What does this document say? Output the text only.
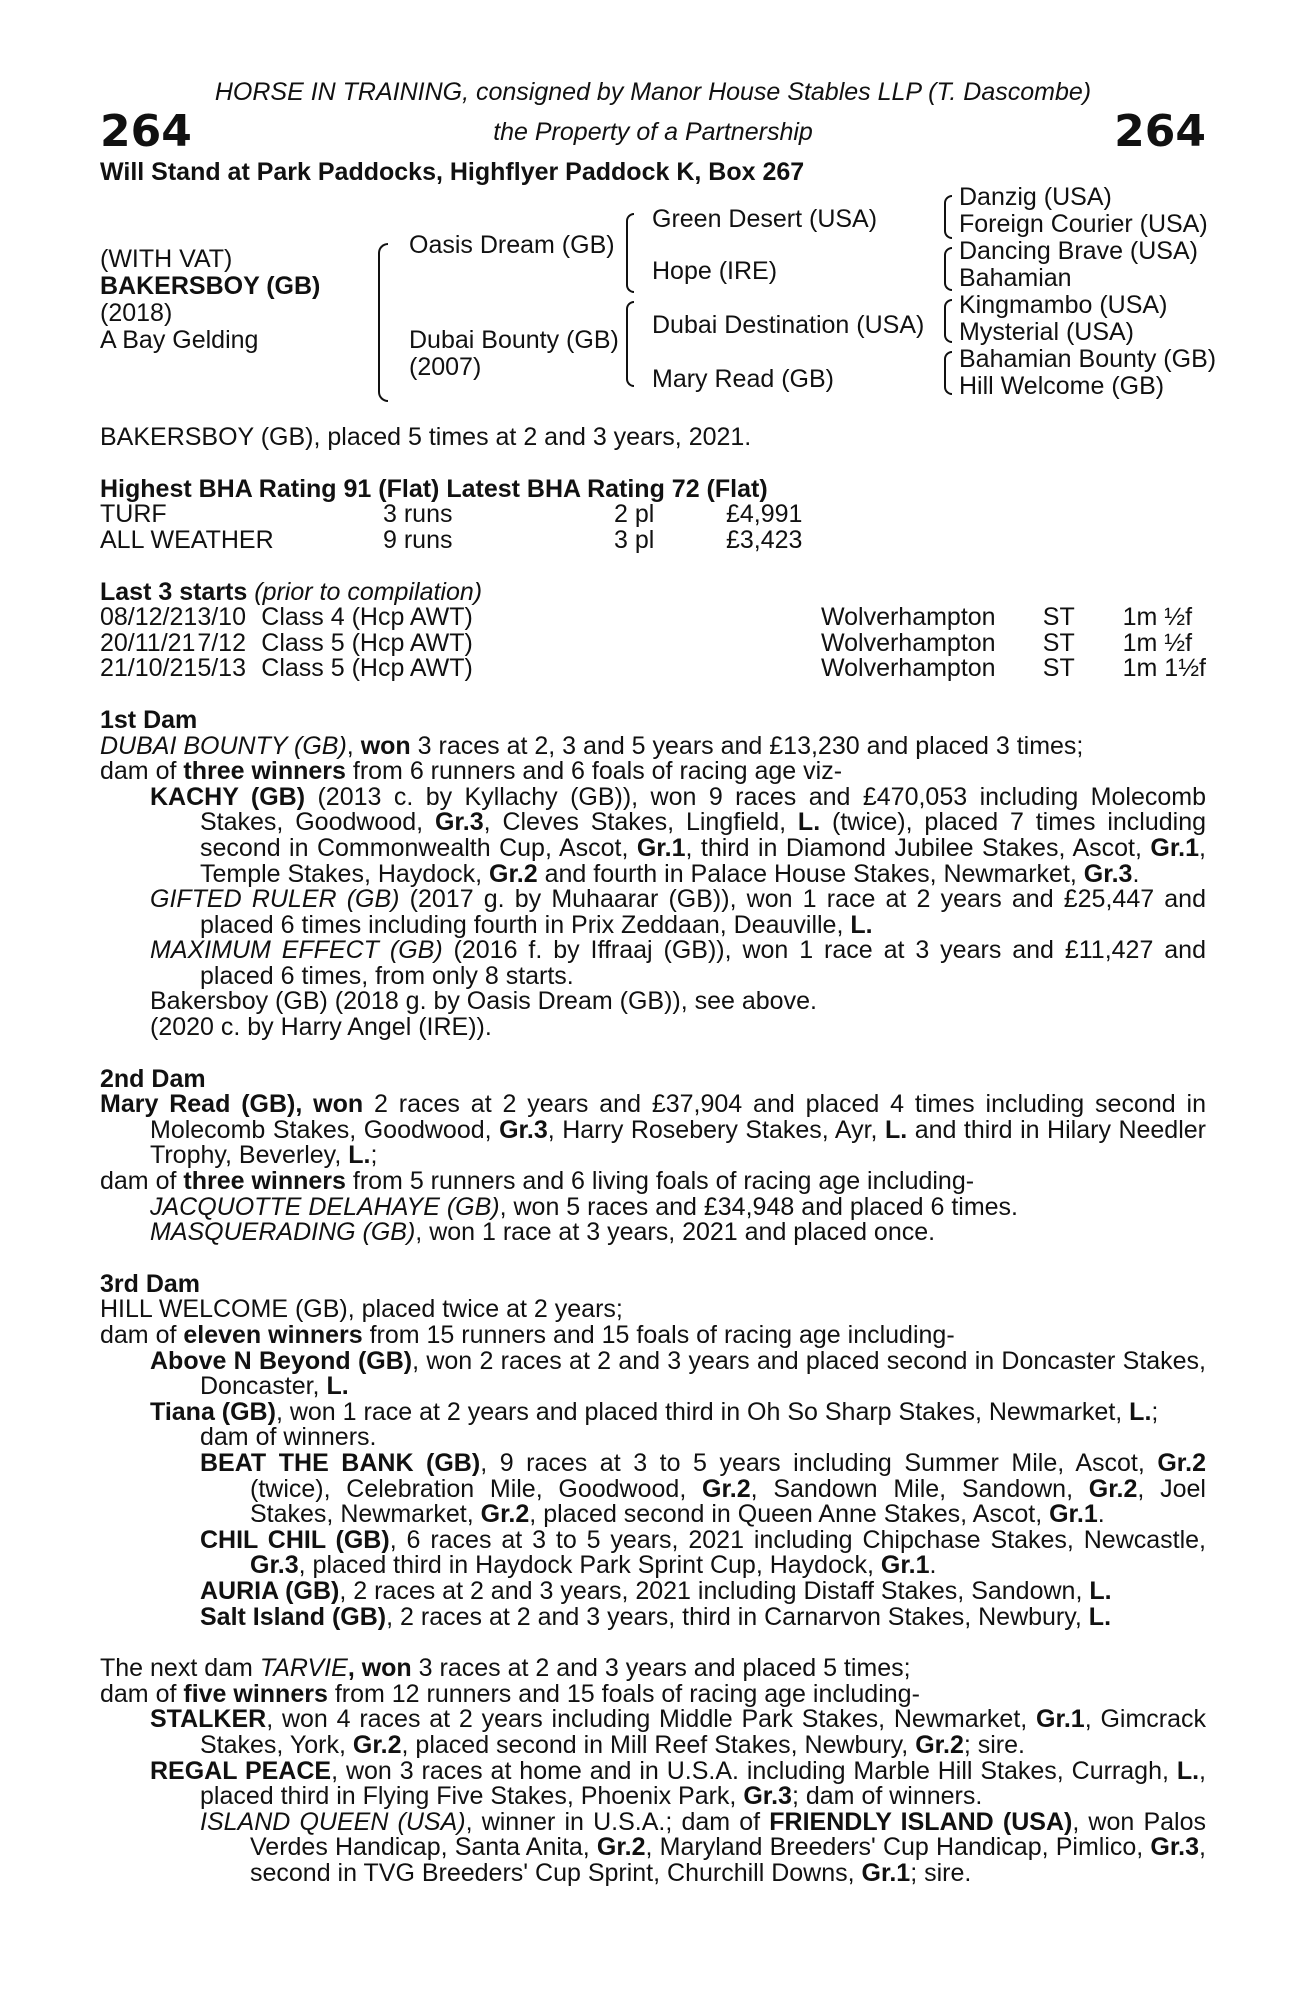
HORSE IN TRAINING, consigned by Manor House Stables LLP (T. Dascombe)
264	the Property of a Partnership	264
Will Stand at Park Paddocks, Highflyer Paddock K, Box 267
(WITH VAT)
BAKERSBOY (GB)
(2018)
A Bay Gelding
Oasis Dream (GB)
Dubai Bounty (GB)
(2007)
Green Desert (USA)
Hope (IRE)
Dubai Destination (USA)
Mary Read (GB)
Danzig (USA)
Foreign Courier (USA)
Dancing Brave (USA)
Bahamian
Kingmambo (USA)
Mysterial (USA)
Bahamian Bounty (GB)
Hill Welcome (GB)

BAKERSBOY (GB), placed 5 times at 2 and 3 years, 2021.

Highest BHA Rating 91 (Flat) Latest BHA Rating 72 (Flat)

TURF	3 runs	2 pl	£4,991
ALL WEATHER	9 runs	3 pl	£3,423

Last 3 starts (prior to compilation)

08/12/21	3/10	Class 4 (Hcp AWT)	Wolverhampton	ST	1m ½f
20/11/21	7/12	Class 5 (Hcp AWT)	Wolverhampton	ST	1m ½f
21/10/21	5/13	Class 5 (Hcp AWT)	Wolverhampton	ST	1m 1½f

1st Dam

DUBAI BOUNTY (GB), won 3 races at 2, 3 and 5 years and £13,230 and placed 3 times;

dam of three winners from 6 runners and 6 foals of racing age viz-

KACHY (GB) (2013 c. by Kyllachy (GB)), won 9 races and £470,053 including Molecomb Stakes, Goodwood, Gr.3, Cleves Stakes, Lingfield, L. (twice), placed 7 times including second in Commonwealth Cup, Ascot, Gr.1, third in Diamond Jubilee Stakes, Ascot, Gr.1, Temple Stakes, Haydock, Gr.2 and fourth in Palace House Stakes, Newmarket, Gr.3.

GIFTED RULER (GB) (2017 g. by Muhaarar (GB)), won 1 race at 2 years and £25,447 and placed 6 times including fourth in Prix Zeddaan, Deauville, L.

MAXIMUM EFFECT (GB) (2016 f. by Iffraaj (GB)), won 1 race at 3 years and £11,427 and placed 6 times, from only 8 starts.

Bakersboy (GB) (2018 g. by Oasis Dream (GB)), see above.

(2020 c. by Harry Angel (IRE)).

2nd Dam

Mary Read (GB), won 2 races at 2 years and £37,904 and placed 4 times including second in Molecomb Stakes, Goodwood, Gr.3, Harry Rosebery Stakes, Ayr, L. and third in Hilary Needler Trophy, Beverley, L.;

dam of three winners from 5 runners and 6 living foals of racing age including-

JACQUOTTE DELAHAYE (GB), won 5 races and £34,948 and placed 6 times.

MASQUERADING (GB), won 1 race at 3 years, 2021 and placed once.

3rd Dam

HILL WELCOME (GB), placed twice at 2 years;

dam of eleven winners from 15 runners and 15 foals of racing age including-

Above N Beyond (GB), won 2 races at 2 and 3 years and placed second in Doncaster Stakes, Doncaster, L.

Tiana (GB), won 1 race at 2 years and placed third in Oh So Sharp Stakes, Newmarket, L.;

dam of winners.

BEAT THE BANK (GB), 9 races at 3 to 5 years including Summer Mile, Ascot, Gr.2 (twice), Celebration Mile, Goodwood, Gr.2, Sandown Mile, Sandown, Gr.2, Joel Stakes, Newmarket, Gr.2, placed second in Queen Anne Stakes, Ascot, Gr.1.

CHIL CHIL (GB), 6 races at 3 to 5 years, 2021 including Chipchase Stakes, Newcastle, Gr.3, placed third in Haydock Park Sprint Cup, Haydock, Gr.1.

AURIA (GB), 2 races at 2 and 3 years, 2021 including Distaff Stakes, Sandown, L.

Salt Island (GB), 2 races at 2 and 3 years, third in Carnarvon Stakes, Newbury, L.

The next dam TARVIE, won 3 races at 2 and 3 years and placed 5 times;

dam of five winners from 12 runners and 15 foals of racing age including-

STALKER, won 4 races at 2 years including Middle Park Stakes, Newmarket, Gr.1, Gimcrack Stakes, York, Gr.2, placed second in Mill Reef Stakes, Newbury, Gr.2; sire.

REGAL PEACE, won 3 races at home and in U.S.A. including Marble Hill Stakes, Curragh, L., placed third in Flying Five Stakes, Phoenix Park, Gr.3; dam of winners.

ISLAND QUEEN (USA), winner in U.S.A.; dam of FRIENDLY ISLAND (USA), won Palos Verdes Handicap, Santa Anita, Gr.2, Maryland Breeders' Cup Handicap, Pimlico, Gr.3, second in TVG Breeders' Cup Sprint, Churchill Downs, Gr.1; sire.
